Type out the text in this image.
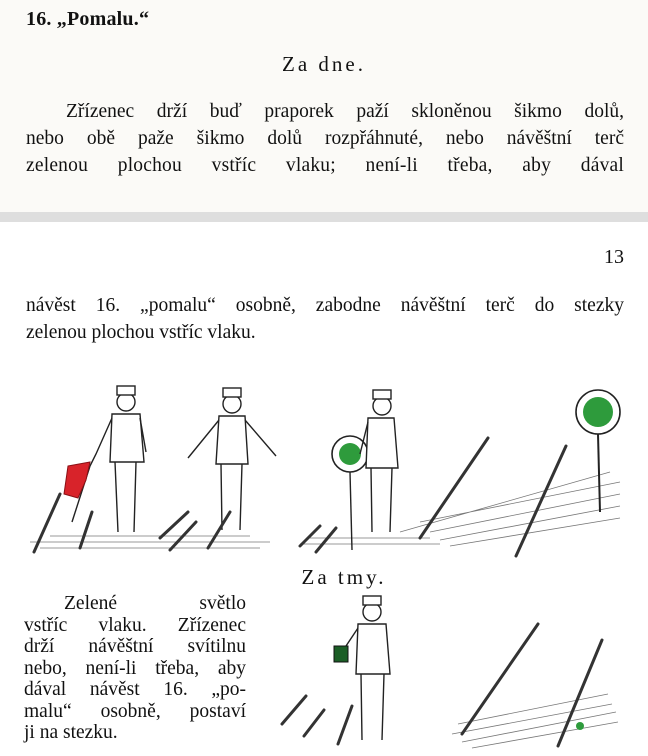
16. „Pomalu.“

Za dne.

Zřízenec drží buď praporek paží skloněnou šikmo dolů,
nebo obě paže šikmo dolů rozpřáhnuté, nebo návěštní terč
zelenou plochou vstříc vlaku; není-li třeba, aby dával

13

návěst 16. „pomalu“ osobně, zabodne návěštní terč do stezky
zelenou plochou vstříc vlaku.

Za tmy.

Zelené světlo
vstříc vlaku. Zřízenec
drží návěštní svítilnu
nebo, není-li třeba, aby
dával návěst 16. „po-
malu“ osobně, postaví
ji na stezku.
